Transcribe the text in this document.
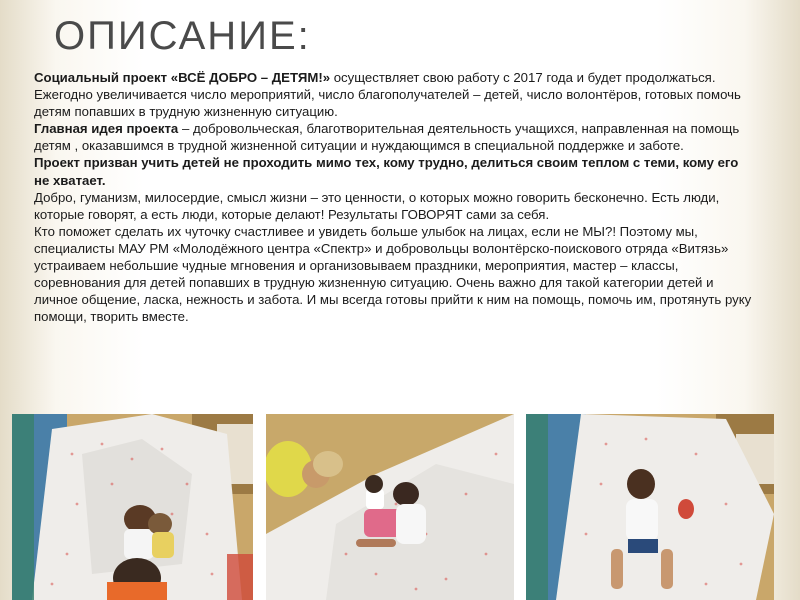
ОПИСАНИЕ:

Социальный проект «ВСЁ ДОБРО – ДЕТЯМ!» осуществляет свою работу с 2017 года и будет продолжаться.

Ежегодно увеличивается число мероприятий, число благополучателей – детей, число волонтёров, готовых помочь детям попавших в трудную жизненную ситуацию.

Главная идея проекта – добровольческая, благотворительная деятельность учащихся, направленная на помощь детям , оказавшимся в трудной жизненной ситуации и нуждающимся в специальной поддержке и заботе.

Проект призван учить детей не проходить мимо тех, кому трудно, делиться своим теплом с теми, кому его не хватает.

Добро, гуманизм, милосердие, смысл жизни – это ценности, о которых можно говорить бесконечно. Есть люди, которые говорят, а есть люди, которые делают! Результаты ГОВОРЯТ сами за себя.

Кто поможет сделать их чуточку счастливее и увидеть больше улыбок на лицах, если не МЫ?! Поэтому мы, специалисты МАУ РМ «Молодёжного центра «Спектр» и добровольцы волонтёрско-поискового отряда «Витязь» устраиваем небольшие чудные мгновения и организовываем праздники, мероприятия, мастер – классы, соревнования для детей попавших в трудную жизненную ситуацию. Очень важно для такой категории детей и личное общение, ласка, нежность и забота. И мы всегда готовы прийти к ним на помощь, помочь им, протянуть руку помощи, творить вместе.
